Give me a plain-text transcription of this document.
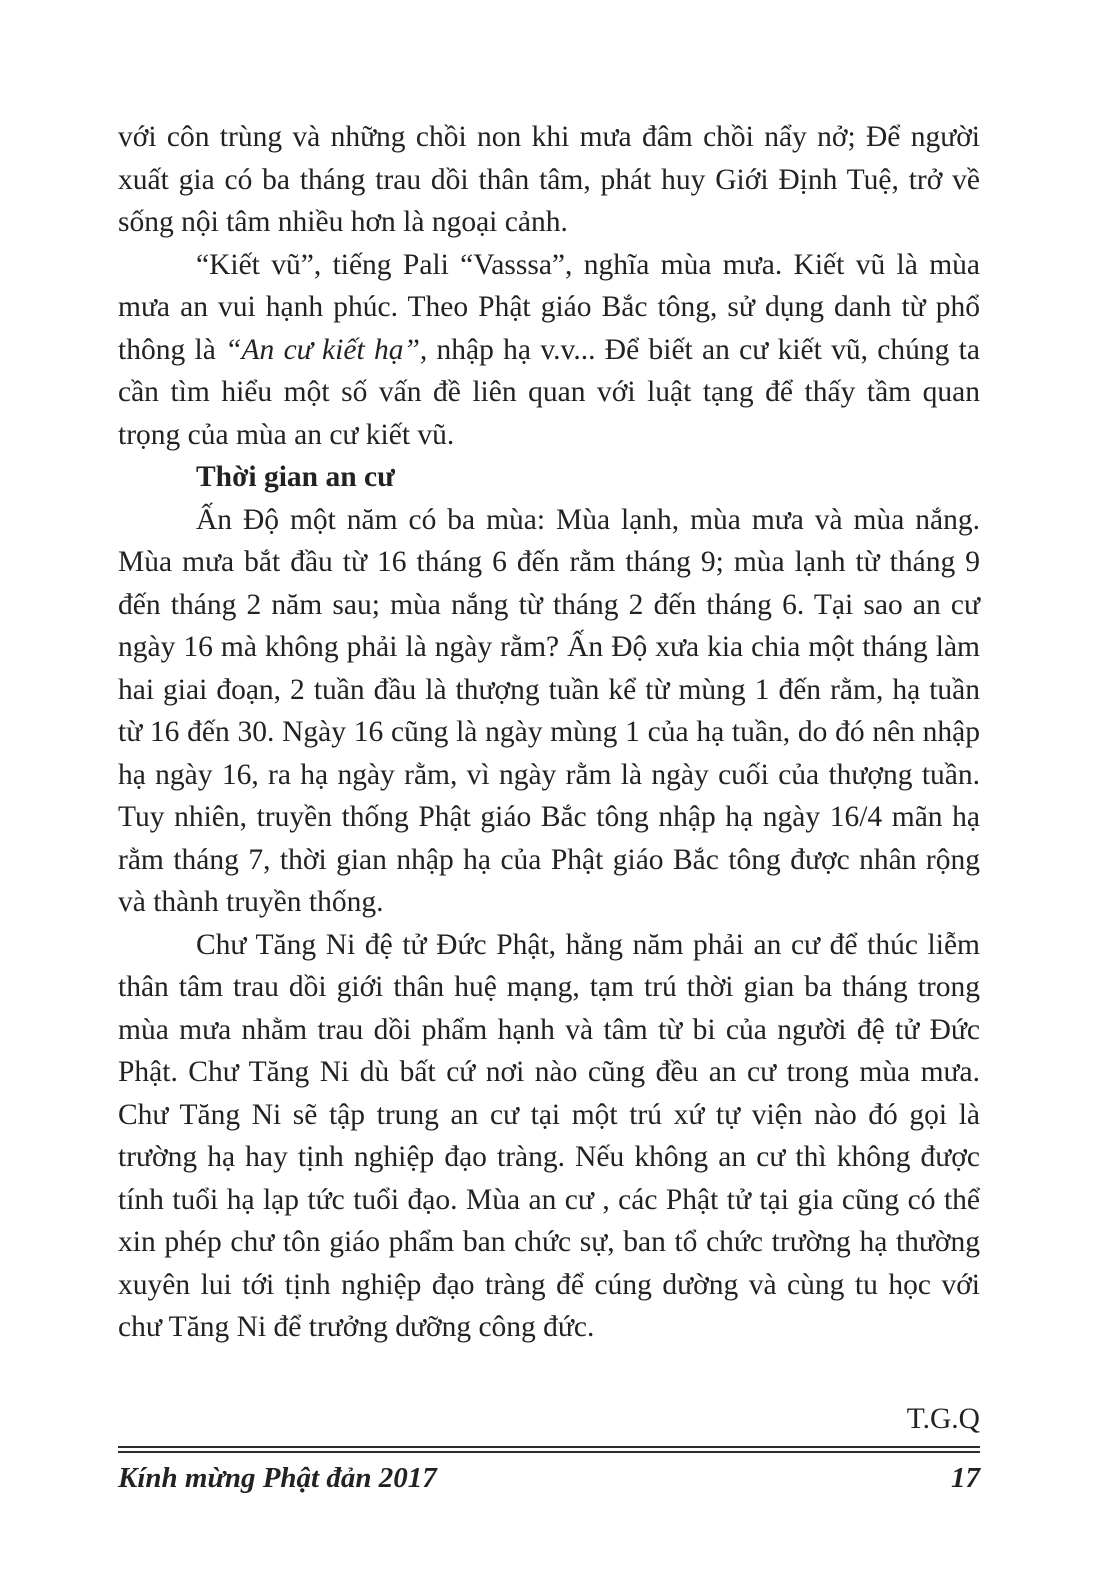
với côn trùng và những chồi non khi mưa đâm chồi nẩy nở; Để người xuất gia có ba tháng trau dồi thân tâm, phát huy Giới Định Tuệ, trở về sống nội tâm nhiều hơn là ngoại cảnh.

“Kiết vũ”, tiếng Pali “Vasssa”, nghĩa mùa mưa. Kiết vũ là mùa mưa an vui hạnh phúc. Theo Phật giáo Bắc tông, sử dụng danh từ phổ thông là “An cư kiết hạ”, nhập hạ v.v... Để biết an cư kiết vũ, chúng ta cần tìm hiểu một số vấn đề liên quan với luật tạng để thấy tầm quan trọng của mùa an cư kiết vũ.

Thời gian an cư

Ấn Độ một năm có ba mùa: Mùa lạnh, mùa mưa và mùa nắng. Mùa mưa bắt đầu từ 16 tháng 6 đến rằm tháng 9; mùa lạnh từ tháng 9 đến tháng 2 năm sau; mùa nắng từ tháng 2 đến tháng 6. Tại sao an cư ngày 16 mà không phải là ngày rằm? Ấn Độ xưa kia chia một tháng làm hai giai đoạn, 2 tuần đầu là thượng tuần kể từ mùng 1 đến rằm, hạ tuần từ 16 đến 30. Ngày 16 cũng là ngày mùng 1 của hạ tuần, do đó nên nhập hạ ngày 16, ra hạ ngày rằm, vì ngày rằm là ngày cuối của thượng tuần. Tuy nhiên, truyền thống Phật giáo Bắc tông nhập hạ ngày 16/4 mãn hạ rằm tháng 7, thời gian nhập hạ của Phật giáo Bắc tông được nhân rộng và thành truyền thống.

Chư Tăng Ni đệ tử Đức Phật, hằng năm phải an cư để thúc liễm thân tâm trau dồi giới thân huệ mạng, tạm trú thời gian ba tháng trong mùa mưa nhằm trau dồi phẩm hạnh và tâm từ bi của người đệ tử Đức Phật. Chư Tăng Ni dù bất cứ nơi nào cũng đều an cư trong mùa mưa. Chư Tăng Ni sẽ tập trung an cư tại một trú xứ tự viện nào đó gọi là trường hạ hay tịnh nghiệp đạo tràng. Nếu không an cư thì không được tính tuổi hạ lạp tức tuổi đạo. Mùa an cư , các Phật tử tại gia cũng có thể xin phép chư tôn giáo phẩm ban chức sự, ban tổ chức trường hạ thường xuyên lui tới tịnh nghiệp đạo tràng để cúng dường và cùng tu học với chư Tăng Ni để trưởng dưỡng công đức.

T.G.Q
Kính mừng Phật đản 2017	17
